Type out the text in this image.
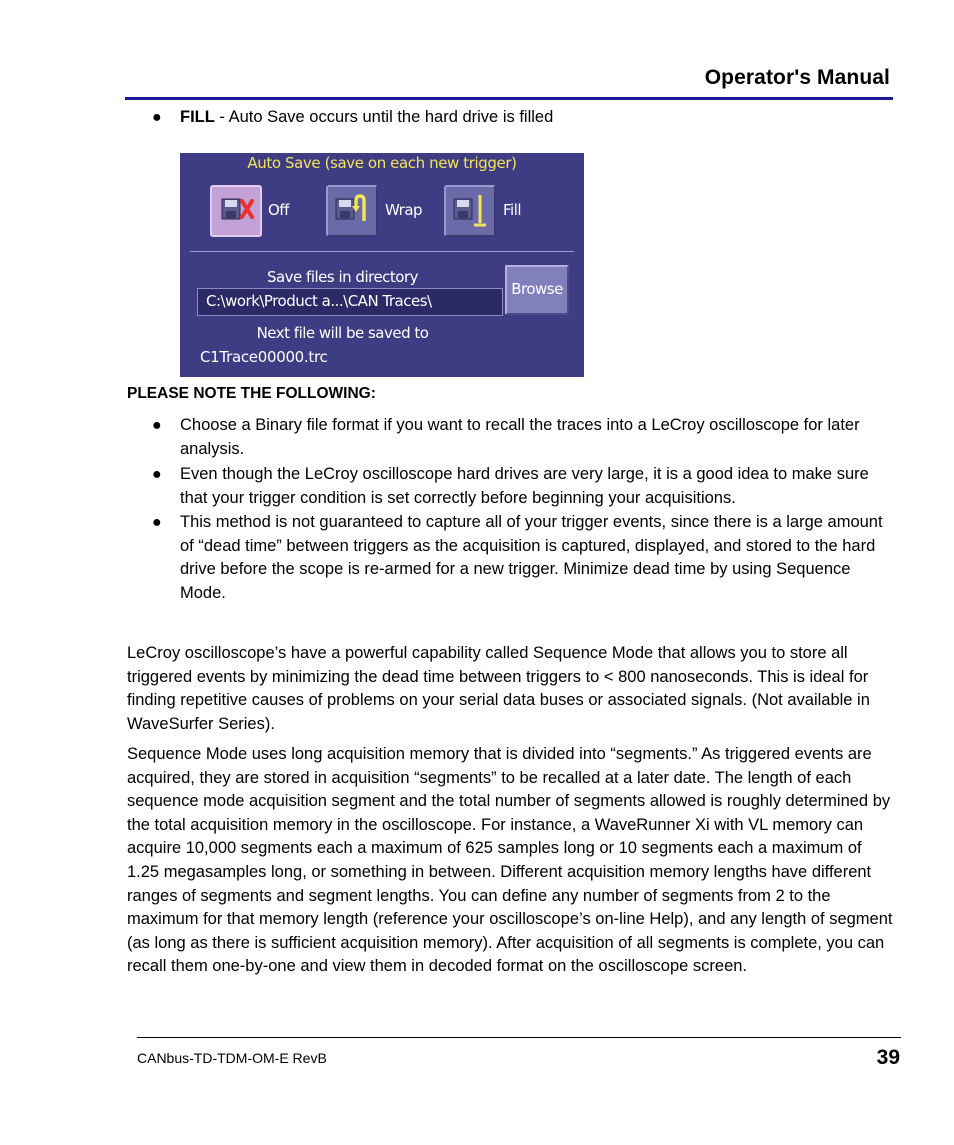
Operator's Manual
●	FILL - Auto Save occurs until the hard drive is filled
Auto Save (save on each new trigger)
Off	Wrap	Fill
Save files in directory
C:\work\Product a...\CAN Traces\
Browse
Next file will be saved to
C1Trace00000.trc
PLEASE NOTE THE FOLLOWING:
●	Choose a Binary file format if you want to recall the traces into a LeCroy oscilloscope for later analysis.
●	Even though the LeCroy oscilloscope hard drives are very large, it is a good idea to make sure that your trigger condition is set correctly before beginning your acquisitions.
●	This method is not guaranteed to capture all of your trigger events, since there is a large amount of “dead time” between triggers as the acquisition is captured, displayed, and stored to the hard drive before the scope is re-armed for a new trigger. Minimize dead time by using Sequence Mode.
LeCroy oscilloscope’s have a powerful capability called Sequence Mode that allows you to store all triggered events by minimizing the dead time between triggers to < 800 nanoseconds. This is ideal for finding repetitive causes of problems on your serial data buses or associated signals. (Not available in WaveSurfer Series).
Sequence Mode uses long acquisition memory that is divided into “segments.” As triggered events are acquired, they are stored in acquisition “segments” to be recalled at a later date. The length of each sequence mode acquisition segment and the total number of segments allowed is roughly determined by the total acquisition memory in the oscilloscope. For instance, a WaveRunner Xi with VL memory can acquire 10,000 segments each a maximum of 625 samples long or 10 segments each a maximum of 1.25 megasamples long, or something in between. Different acquisition memory lengths have different ranges of segments and segment lengths. You can define any number of segments from 2 to the maximum for that memory length (reference your oscilloscope’s on-line Help), and any length of segment (as long as there is sufficient acquisition memory). After acquisition of all segments is complete, you can recall them one-by-one and view them in decoded format on the oscilloscope screen.
CANbus-TD-TDM-OM-E RevB	39
